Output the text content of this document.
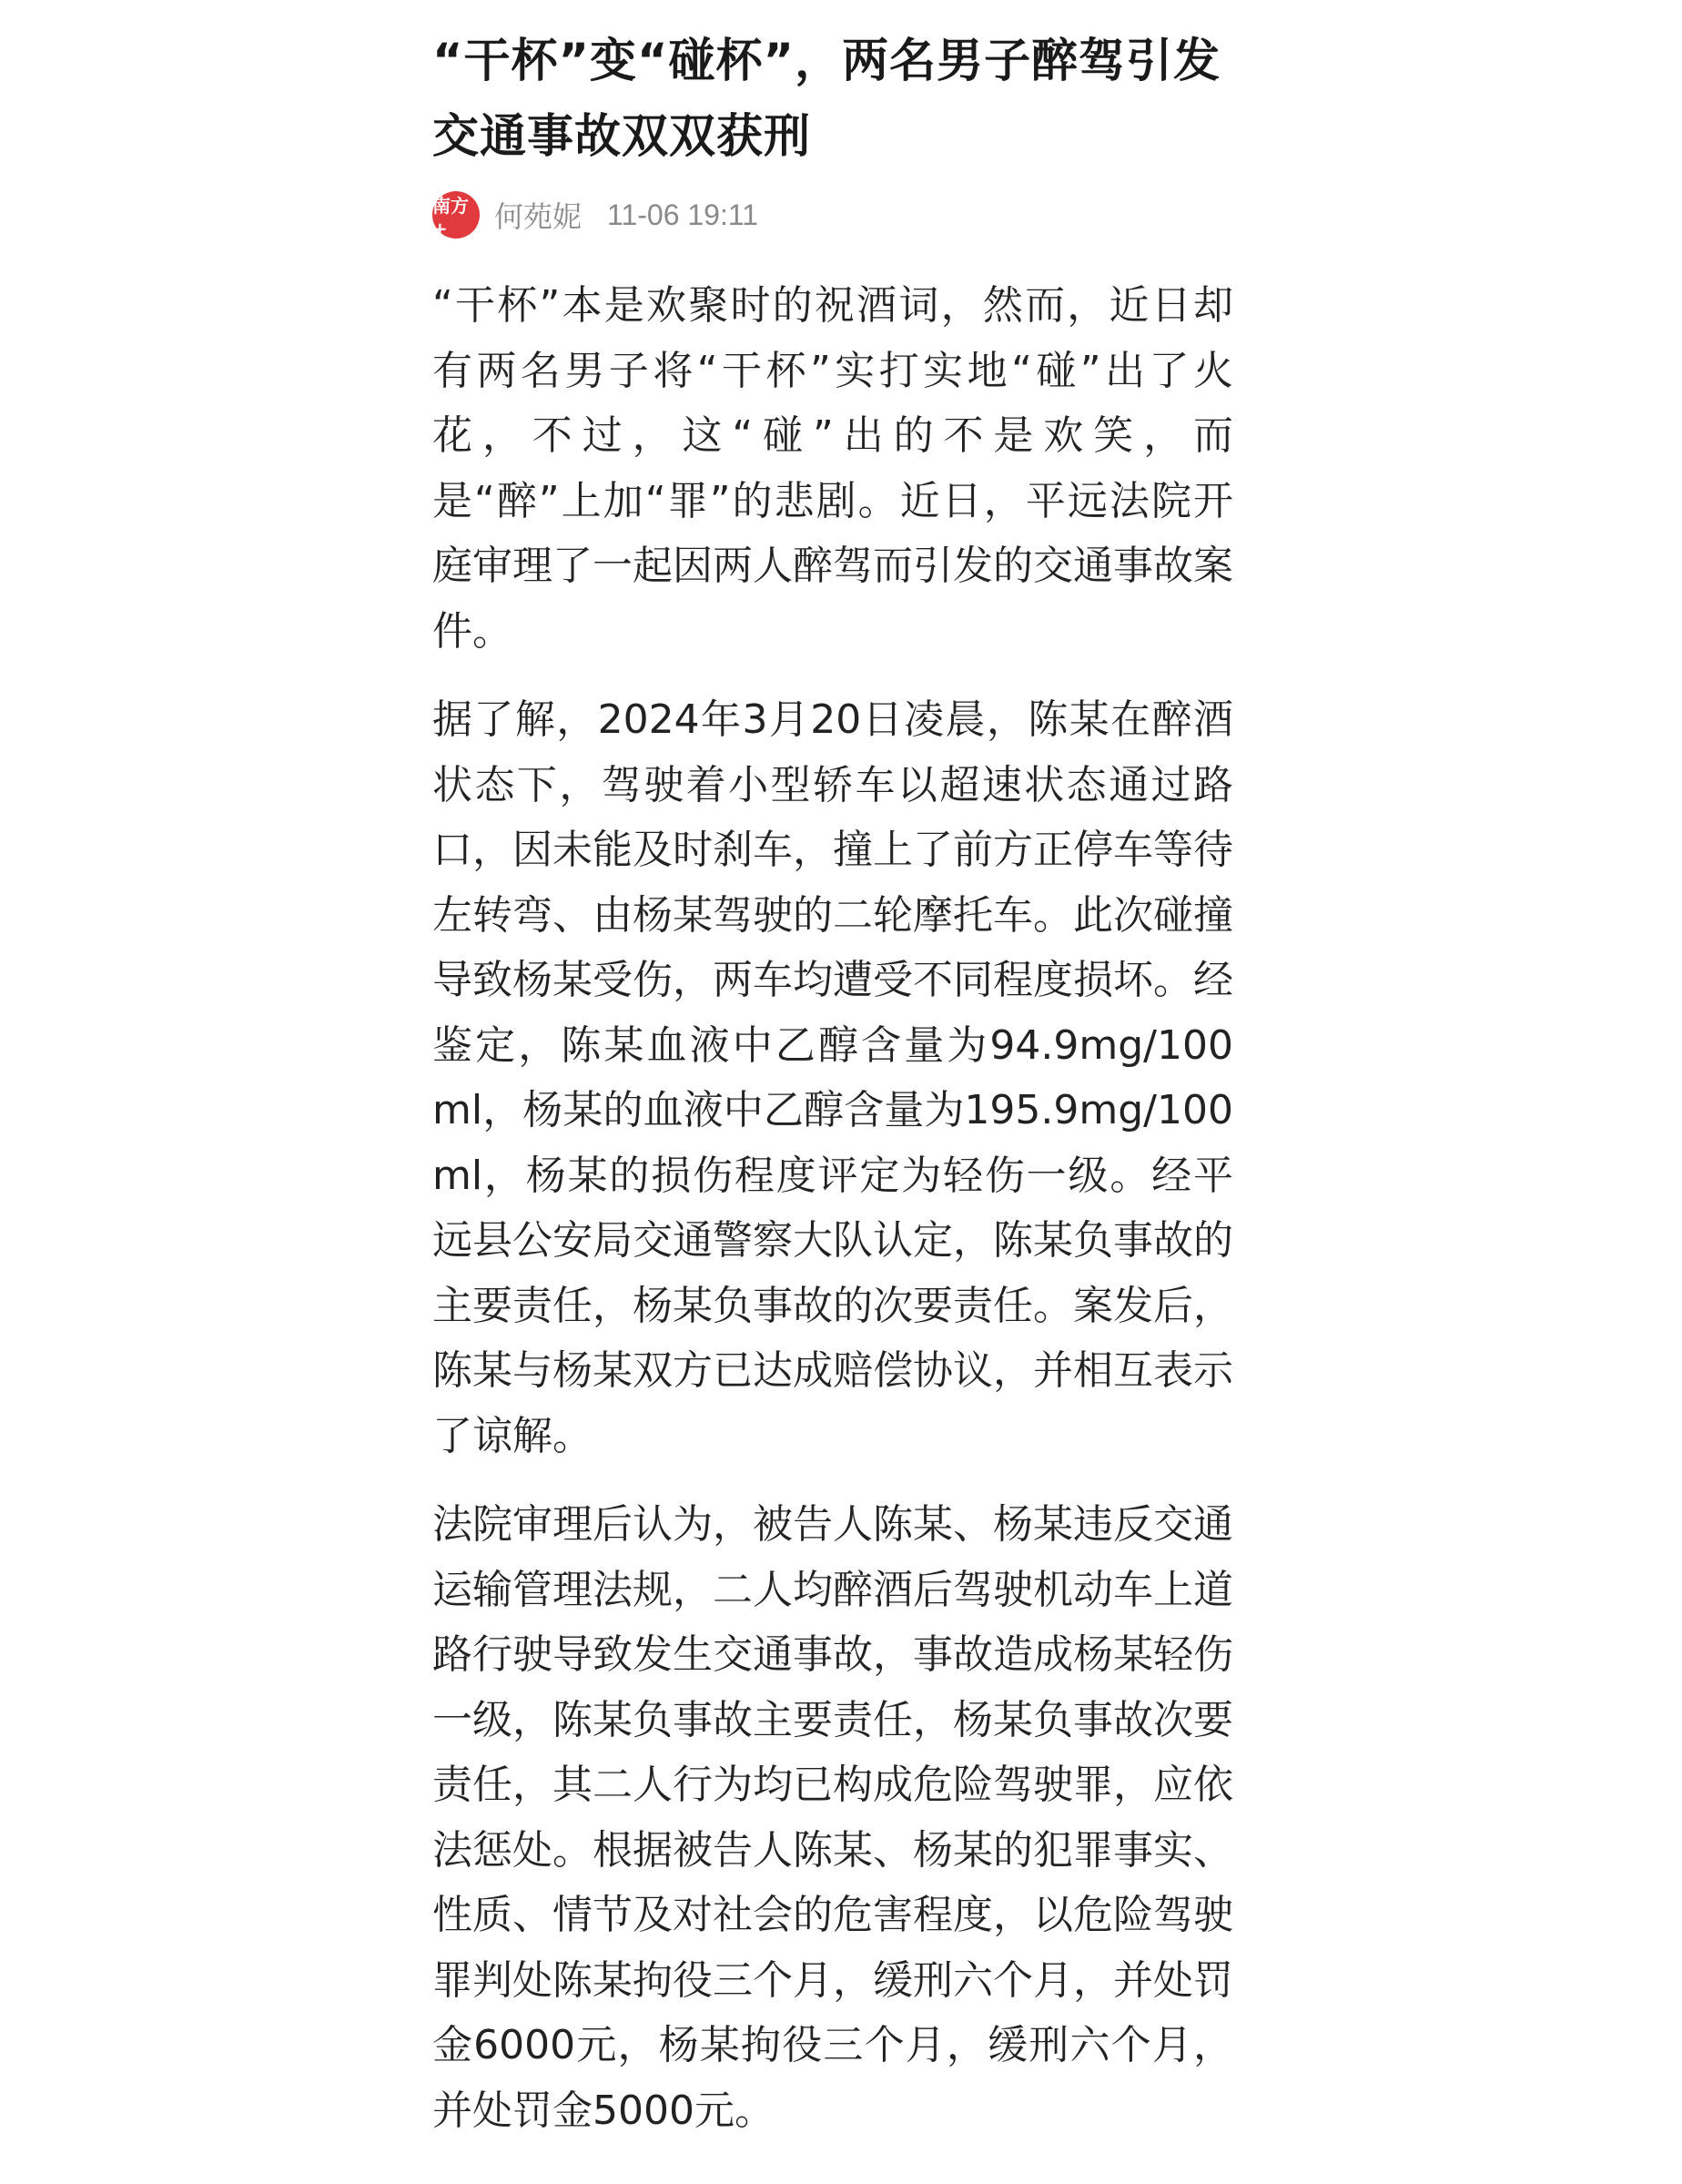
“干杯”变“碰杯”，两名男子醉驾引发交通事故双双获刑
南方+	何苑妮 11-06 19:11

“干杯”本是欢聚时的祝酒词，然而，近日却有两名男子将“干杯”实打实地“碰”出了火花，不过，这“碰”出的不是欢笑，而是“醉”上加“罪”的悲剧。近日，平远法院开庭审理了一起因两人醉驾而引发的交通事故案件。

据了解，2024年3月20日凌晨，陈某在醉酒状态下，驾驶着小型轿车以超速状态通过路口，因未能及时刹车，撞上了前方正停车等待左转弯、由杨某驾驶的二轮摩托车。此次碰撞导致杨某受伤，两车均遭受不同程度损坏。经鉴定，陈某血液中乙醇含量为94.9mg/100ml，杨某的血液中乙醇含量为195.9mg/100ml，杨某的损伤程度评定为轻伤一级。经平远县公安局交通警察大队认定，陈某负事故的主要责任，杨某负事故的次要责任。案发后，陈某与杨某双方已达成赔偿协议，并相互表示了谅解。

法院审理后认为，被告人陈某、杨某违反交通运输管理法规，二人均醉酒后驾驶机动车上道路行驶导致发生交通事故，事故造成杨某轻伤一级，陈某负事故主要责任，杨某负事故次要责任，其二人行为均已构成危险驾驶罪，应依法惩处。根据被告人陈某、杨某的犯罪事实、性质、情节及对社会的危害程度，以危险驾驶罪判处陈某拘役三个月，缓刑六个月，并处罚金6000元，杨某拘役三个月，缓刑六个月，并处罚金5000元。
